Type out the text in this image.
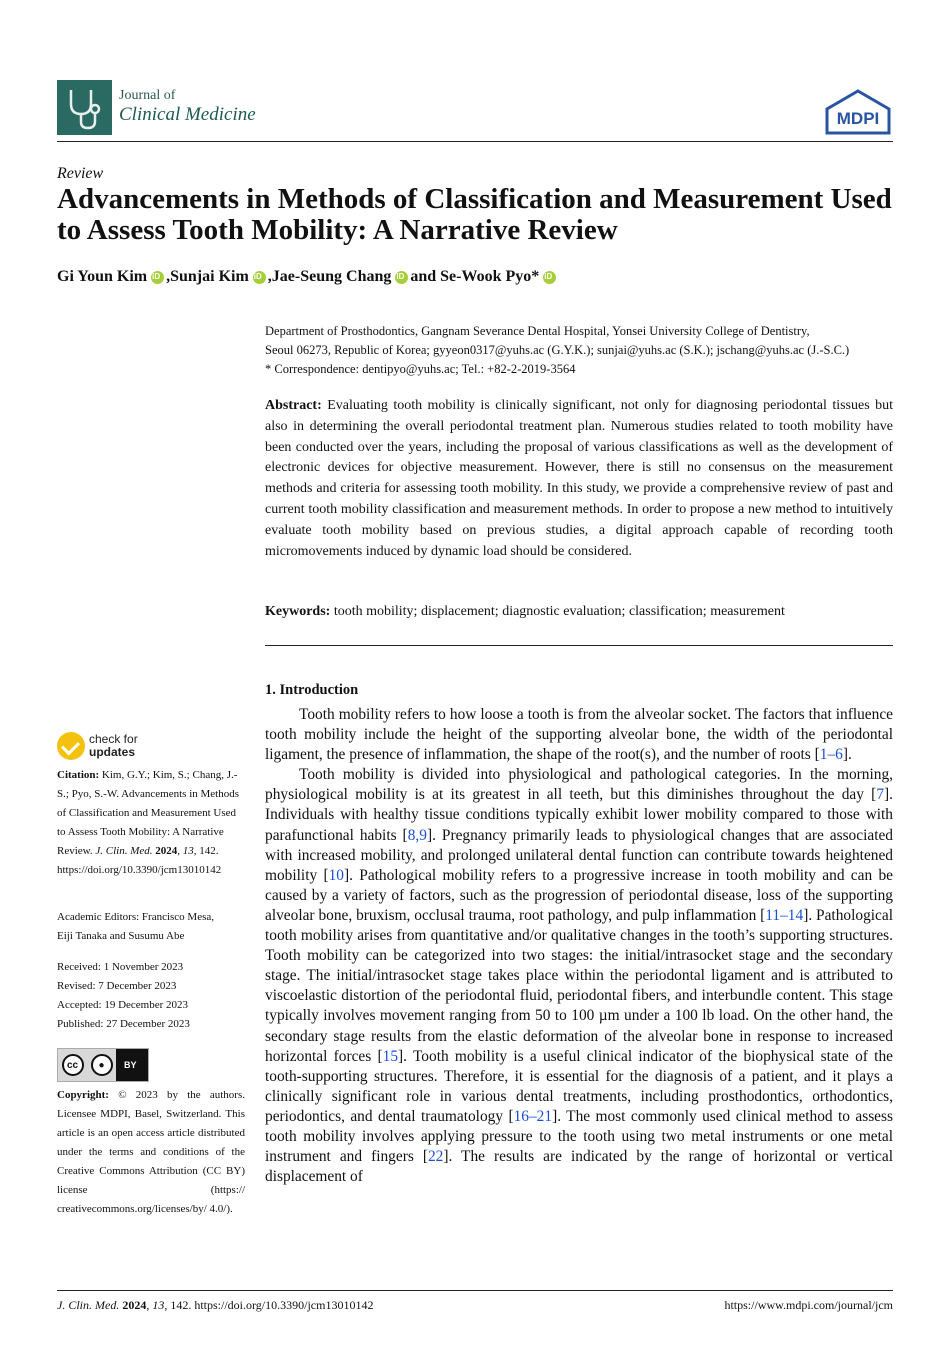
Journal of
Clinical Medicine	MDPI
Review
Advancements in Methods of Classification and Measurement Used to Assess Tooth Mobility: A Narrative Review
Gi Youn Kim iD , Sunjai Kim iD , Jae-Seung Chang iD and Se-Wook Pyo *
iD

Department of Prosthodontics, Gangnam Severance Dental Hospital, Yonsei University College of Dentistry,

Seoul 06273, Republic of Korea; gyyeon0317@yuhs.ac (G.Y.K.); sunjai@yuhs.ac (S.K.); jschang@yuhs.ac (J.-S.C.)

* Correspondence: dentipyo@yuhs.ac; Tel.: +82-2-2019-3564

Abstract: Evaluating tooth mobility is clinically significant, not only for diagnosing periodontal tissues but also in determining the overall periodontal treatment plan. Numerous studies related to tooth mobility have been conducted over the years, including the proposal of various classifications as well as the development of electronic devices for objective measurement. However, there is still no consensus on the measurement methods and criteria for assessing tooth mobility. In this study, we provide a comprehensive review of past and current tooth mobility classification and measurement methods. In order to propose a new method to intuitively evaluate tooth mobility based on previous studies, a digital approach capable of recording tooth micromovements induced by dynamic load should be considered.

Keywords: tooth mobility; displacement; diagnostic evaluation; classification; measurement

1. Introduction

Tooth mobility refers to how loose a tooth is from the alveolar socket. The factors that influence tooth mobility include the height of the supporting alveolar bone, the width of the periodontal ligament, the presence of inflammation, the shape of the root(s), and the number of roots [1–6].

Tooth mobility is divided into physiological and pathological categories. In the morning, physiological mobility is at its greatest in all teeth, but this diminishes throughout the day [7]. Individuals with healthy tissue conditions typically exhibit lower mobility compared to those with parafunctional habits [8,9]. Pregnancy primarily leads to physiological changes that are associated with increased mobility, and prolonged unilateral dental function can contribute towards heightened mobility [10]. Pathological mobility refers to a progressive increase in tooth mobility and can be caused by a variety of factors, such as the progression of periodontal disease, loss of the supporting alveolar bone, bruxism, occlusal trauma, root pathology, and pulp inflammation [11–14]. Pathological tooth mobility arises from quantitative and/or qualitative changes in the tooth’s supporting structures. Tooth mobility can be categorized into two stages: the initial/intrasocket stage and the secondary stage. The initial/intrasocket stage takes place within the periodontal ligament and is attributed to viscoelastic distortion of the periodontal fluid, periodontal fibers, and interbundle content. This stage typically involves movement ranging from 50 to 100 µm under a 100 lb load. On the other hand, the secondary stage results from the elastic deformation of the alveolar bone in response to increased horizontal forces [15]. Tooth mobility is a useful clinical indicator of the biophysical state of the tooth-supporting structures. Therefore, it is essential for the diagnosis of a patient, and it plays a clinically significant role in various dental treatments, including prosthodontics, orthodontics, periodontics, and dental traumatology [16–21]. The most commonly used clinical method to assess tooth mobility involves applying pressure to the tooth using two metal instruments or one metal instrument and fingers [22]. The results are indicated by the range of horizontal or vertical displacement of

check for
updates

Citation: Kim, G.Y.; Kim, S.; Chang, J.-S.; Pyo, S.-W. Advancements in Methods of Classification and Measurement Used to Assess Tooth Mobility: A Narrative Review. J. Clin. Med. 2024, 13, 142. https://doi.org/10.3390/jcm13010142

Academic Editors: Francisco Mesa,

Eiji Tanaka and Susumu Abe

Received: 1 November 2023

Revised: 7 December 2023

Accepted: 19 December 2023

Published: 27 December 2023

cc	●	BY

Copyright: © 2023 by the authors. Licensee MDPI, Basel, Switzerland. This article is an open access article distributed under the terms and conditions of the Creative Commons Attribution (CC BY) license (https:// creativecommons.org/licenses/by/ 4.0/).

J. Clin. Med. 2024, 13, 142. https://doi.org/10.3390/jcm13010142	https://www.mdpi.com/journal/jcm
